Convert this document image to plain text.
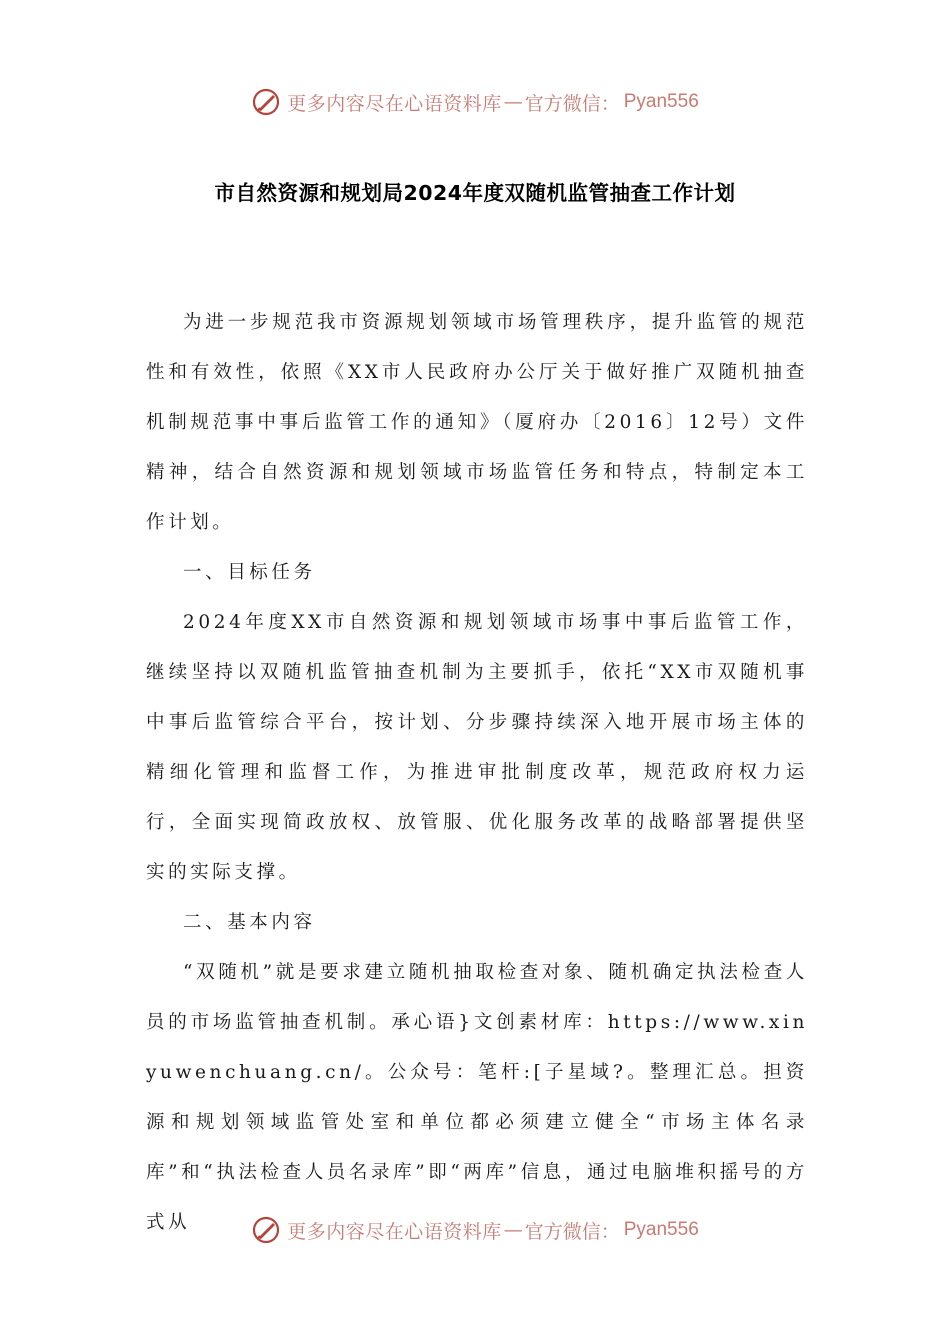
更多内容尽在心语资料库 — 官方微信： Pyan556
市自然资源和规划局2024年度双随机监管抽查工作计划

为进一步规范我市资源规划领域市场管理秩序，提升监管的规范性和有效性，依照《XX市人民政府办公厅关于做好推广双随机抽查机制规范事中事后监管工作的通知》（厦府办〔2016〕12号）文件精神，结合自然资源和规划领域市场监管任务和特点，特制定本工作计划。

一、目标任务

2024年度XX市自然资源和规划领域市场事中事后监管工作，继续坚持以双随机监管抽查机制为主要抓手，依托“XX市双随机事中事后监管综合平台，按计划、分步骤持续深入地开展市场主体的精细化管理和监督工作，为推进审批制度改革，规范政府权力运行，全面实现简政放权、放管服、优化服务改革的战略部署提供坚实的实际支撑。

二、基本内容

“双随机”就是要求建立随机抽取检查对象、随机确定执法检查人员的市场监管抽查机制。承心语}文创素材库：https://www.xinyuwenchuang.cn/。公众号：笔杆:[子星域?。整理汇总。担资源和规划领域监管处室和单位都必须建立健全“市场主体名录库”和“执法检查人员名录库”即“两库”信息，通过电脑堆积摇号的方式从	更多内容尽在心语资料库 — 官方微信： Pyan556
